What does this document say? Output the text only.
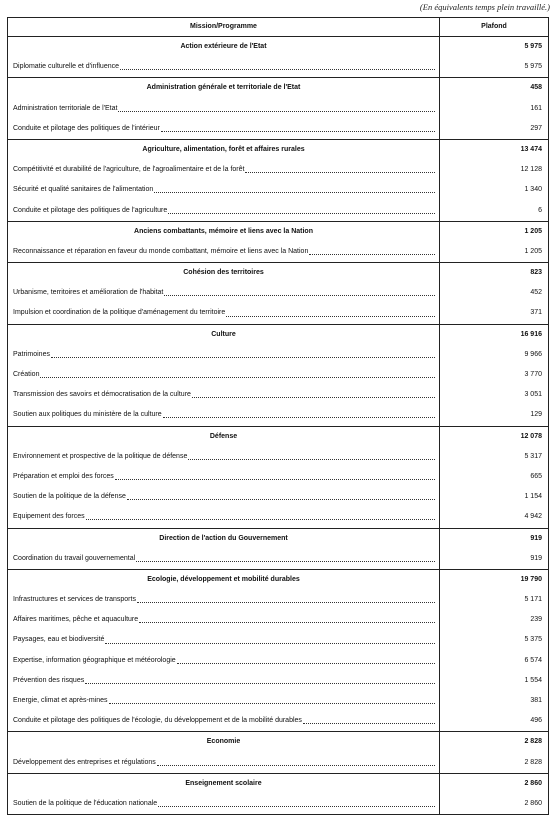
(En équivalents temps plein travaillé.)
Mission/Programme	Plafond
Action extérieure de l'Etat	5 975
Diplomatie culturelle et d'influence	5 975
Administration générale et territoriale de l'Etat	458
Administration territoriale de l'Etat	161
Conduite et pilotage des politiques de l'intérieur	297
Agriculture, alimentation, forêt et affaires rurales	13 474
Compétitivité et durabilité de l'agriculture, de l'agroalimentaire et de la forêt	12 128
Sécurité et qualité sanitaires de l'alimentation	1 340
Conduite et pilotage des politiques de l'agriculture	6
Anciens combattants, mémoire et liens avec la Nation	1 205
Reconnaissance et réparation en faveur du monde combattant, mémoire et liens avec la Nation	1 205
Cohésion des territoires	823
Urbanisme, territoires et amélioration de l'habitat	452
Impulsion et coordination de la politique d'aménagement du territoire	371
Culture	16 916
Patrimoines	9 966
Création	3 770
Transmission des savoirs et démocratisation de la culture	3 051
Soutien aux politiques du ministère de la culture	129
Défense	12 078
Environnement et prospective de la politique de défense	5 317
Préparation et emploi des forces	665
Soutien de la politique de la défense	1 154
Equipement des forces	4 942
Direction de l'action du Gouvernement	919
Coordination du travail gouvernemental	919
Ecologie, développement et mobilité durables	19 790
Infrastructures et services de transports	5 171
Affaires maritimes, pêche et aquaculture	239
Paysages, eau et biodiversité	5 375
Expertise, information géographique et météorologie	6 574
Prévention des risques	1 554
Energie, climat et après-mines	381
Conduite et pilotage des politiques de l'écologie, du développement et de la mobilité durables	496
Economie	2 828
Développement des entreprises et régulations	2 828
Enseignement scolaire	2 860
Soutien de la politique de l'éducation nationale	2 860
